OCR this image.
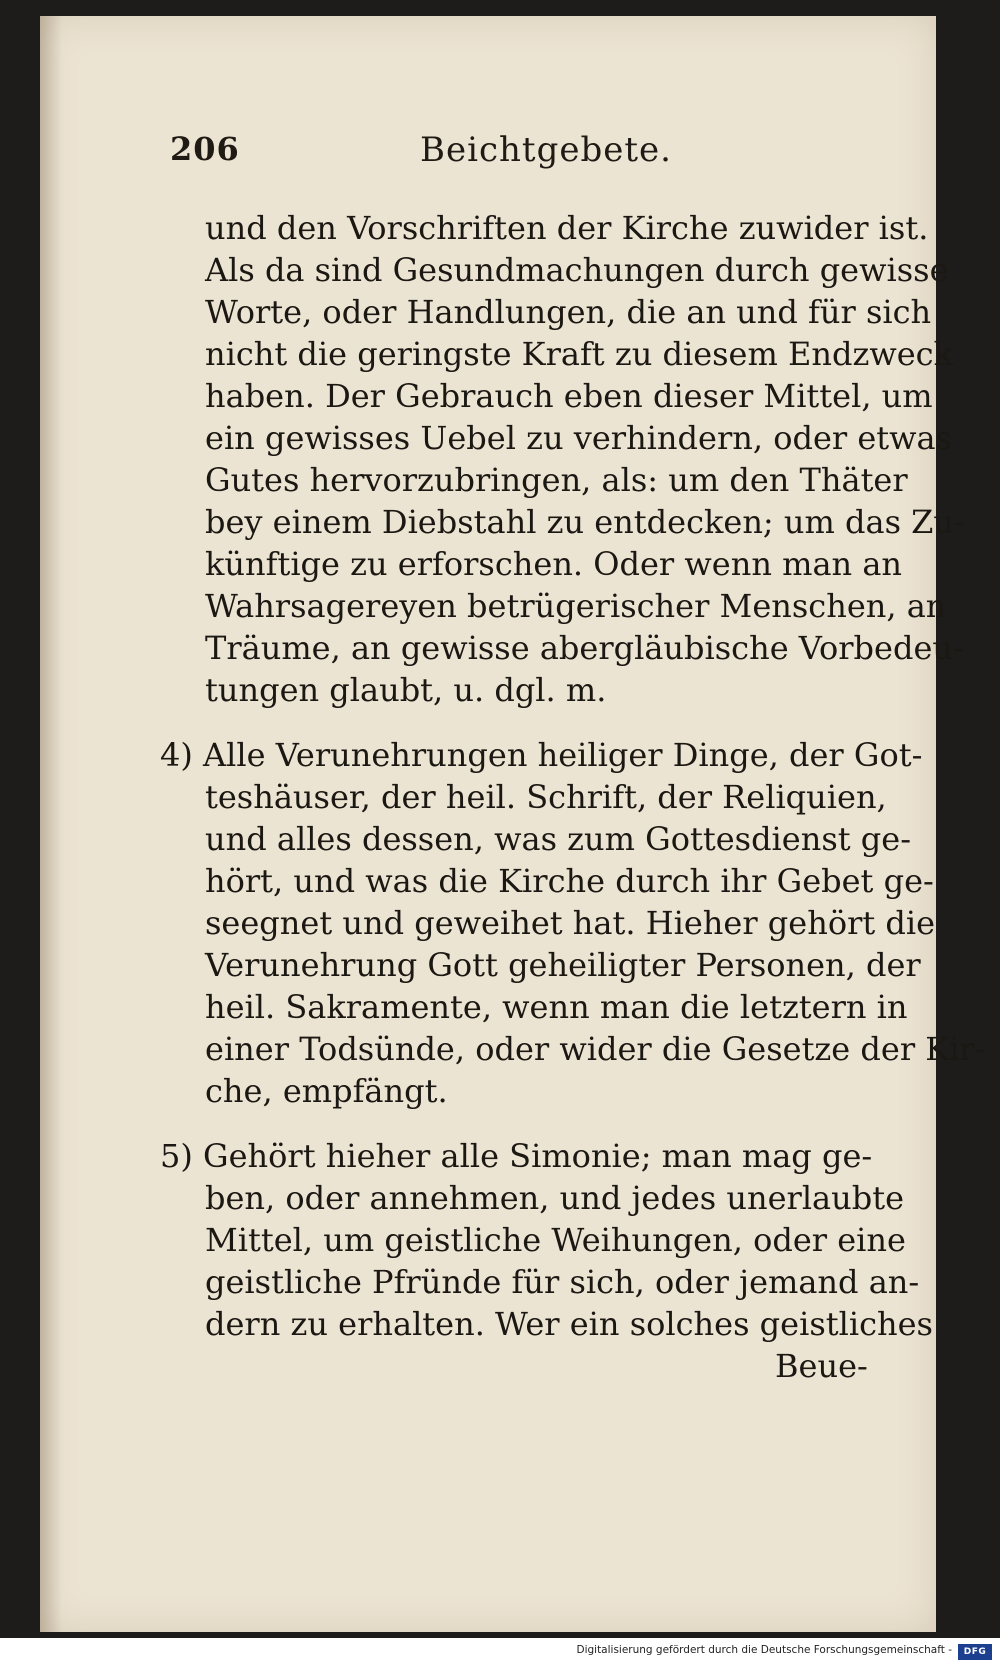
206	Beichtgebete.
und den Vorschriften der Kirche zuwider ist.
Als da sind Gesundmachungen durch gewisse
Worte, oder Handlungen, die an und für sich
nicht die geringste Kraft zu diesem Endzweck
haben. Der Gebrauch eben dieser Mittel, um
ein gewisses Uebel zu verhindern, oder etwas
Gutes hervorzubringen, als: um den Thäter
bey einem Diebstahl zu entdecken; um das Zu-
künftige zu erforschen. Oder wenn man an
Wahrsagereyen betrügerischer Menschen, an
Träume, an gewisse abergläubische Vorbedeu-
tungen glaubt, u. dgl. m.
4) Alle Verunehrungen heiliger Dinge, der Got-
teshäuser, der heil. Schrift, der Reliquien,
und alles dessen, was zum Gottesdienst ge-
hört, und was die Kirche durch ihr Gebet ge-
seegnet und geweihet hat. Hieher gehört die
Verunehrung Gott geheiligter Personen, der
heil. Sakramente, wenn man die letztern in
einer Todsünde, oder wider die Gesetze der Kir-
che, empfängt.
5) Gehört hieher alle Simonie; man mag ge-
ben, oder annehmen, und jedes unerlaubte
Mittel, um geistliche Weihungen, oder eine
geistliche Pfründe für sich, oder jemand an-
dern zu erhalten. Wer ein solches geistliches
Beue-
Digitalisierung gefördert durch die Deutsche Forschungsgemeinschaft -	DFG
